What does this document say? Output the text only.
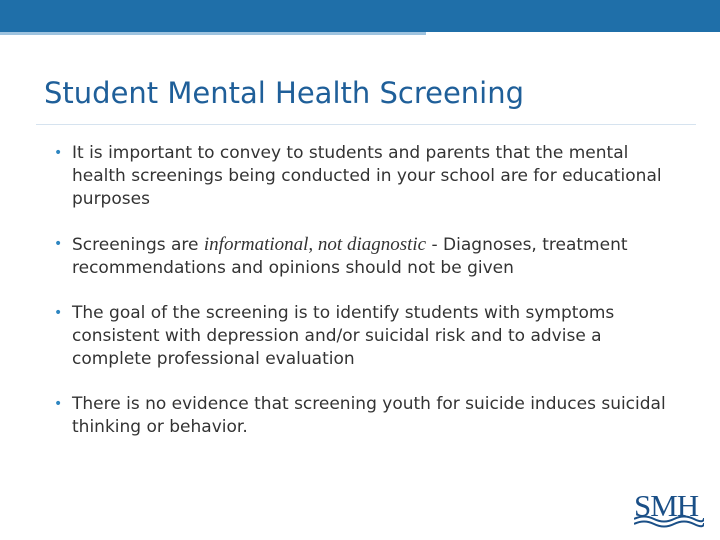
Student Mental Health Screening
• It is important to convey to students and parents that the mental health screenings being conducted in your school are for educational purposes
• Screenings are informational, not diagnostic - Diagnoses, treatment recommendations and opinions should not be given
• The goal of the screening is to identify students with symptoms consistent with depression and/or suicidal risk and to advise a complete professional evaluation
• There is no evidence that screening youth for suicide induces suicidal thinking or behavior.
SMH
